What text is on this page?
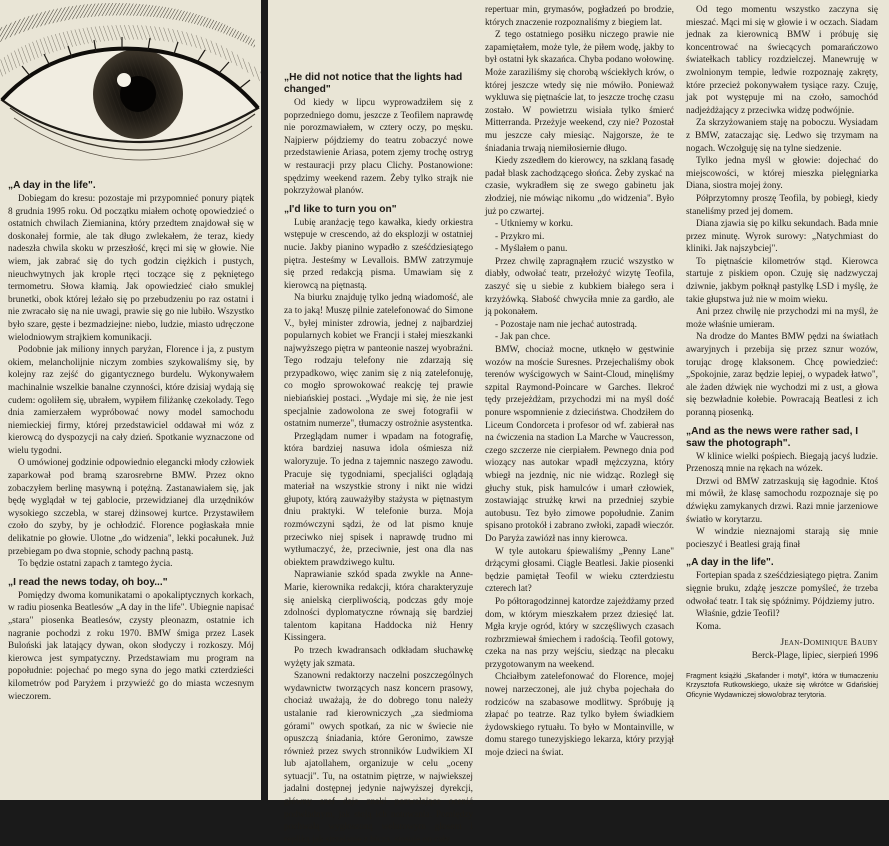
„A day in the life".

Dobiegam do kresu: pozostaje mi przypomnieć ponury piątek 8 grudnia 1995 roku. Od początku miałem ochotę opowiedzieć o ostatnich chwilach Ziemianina, który przedtem znajdował się w doskonałej formie, ale tak długo zwlekałem, że teraz, kiedy nadeszła chwila skoku w przeszłość, kręci mi się w głowie. Nie wiem, jak zabrać się do tych godzin ciężkich i pustych, nieuchwytnych jak krople rtęci toczące się z pękniętego termometru. Słowa kłamią. Jak opowiedzieć ciało smuklej brunetki, obok której leżało się po przebudzeniu po raz ostatni i nie zwracało się na nie uwagi, prawie się go nie lubiło. Wszystko było szare, gęste i bezmadziejne: niebo, ludzie, miasto udręczone wielodniowym strajkiem komunikacji.

Podobnie jak miliony innych paryżan, Florence i ja, z pustym okiem, melancholijnie niczym zombies szykowaliśmy się, by kolejny raz zejść do gigantycznego burdelu. Wykonywałem machinalnie wszelkie banalne czynności, które dzisiaj wydają się cudem: ogoliłem się, ubrałem, wypiłem filiżankę czekolady. Tego dnia zamierzałem wypróbować nowy model samochodu niemieckiej firmy, której przedstawiciel oddawał mi wóz z kierowcą do dyspozycji na cały dzień. Spotkanie wyznaczone od wielu tygodni.

O umówionej godzinie odpowiednio elegancki młody człowiek zaparkował pod bramą szarosrebrne BMW. Przez okno zobaczyłem berlinę masywną i potężną. Zastanawiałem się, jak będę wyglądał w tej gablocie, przewidzianej dla urzędników wysokiego szczebla, w starej dżinsowej kurtce. Przystawiłem czoło do szyby, by je ochłodzić. Florence pogłaskała mnie delikatnie po głowie. Ulotne „do widzenia", lekki pocałunek. Już przebiegam po dwa stopnie, schody pachną pastą.

To będzie ostatni zapach z tamtego życia.

„I read the news today, oh boy..."

Pomiędzy dwoma komunikatami o apokaliptycznych korkach, w radiu piosenka Beatlesów „A day in the life". Ubiegnie napisać „stara" piosenka Beatlesów, czysty pleonazm, ostatnie ich nagranie pochodzi z roku 1970. BMW śmiga przez Lasek Buloński jak latający dywan, okon słodyczy i rozkoszy. Mój kierowca jest sympatyczny. Przedstawiam mu program na popołudnie: pojechać po mego syna do jego matki czterdzieści kilometrów pod Paryżem i przywieźć go do miasta wczesnym wieczorem.

„He did not notice that the lights had changed"

Od kiedy w lipcu wyprowadziłem się z poprzedniego domu, jeszcze z Teofilem naprawdę nie porozmawiałem, w cztery oczy, po męsku. Najpierw pójdziemy do teatru zobaczyć nowe przedstawienie Ariasa, potem zjemy trochę ostryg w restauracji przy placu Clichy. Postanowione: spędzimy weekend razem. Żeby tylko strajk nie pokrzyżował planów.

„I'd like to turn you on"

Lubię aranżację tego kawałka, kiedy orkiestra wstępuje w crescendo, aż do eksplozji w ostatniej nucie. Jakby pianino wypadło z sześćdziesiątego piętra. Jesteśmy w Levallois. BMW zatrzymuje się przed redakcją pisma. Umawiam się z kierowcą na piętnastą.

Na biurku znajduję tylko jedną wiadomość, ale za to jaką! Muszę pilnie zatelefonować do Simone V., byłej minister zdrowia, jednej z najbardziej popularnych kobiet we Francji i stałej mieszkanki najwyższego piętra w panteonie naszej wyobraźni. Tego rodzaju telefony nie zdarzają się przypadkowo, więc zanim się z nią zatelefonuję, co mogło sprowokować reakcję tej prawie niebiańskiej postaci. „Wydaje mi się, że nie jest specjalnie zadowolona ze swej fotografii w ostatnim numerze", tłumaczy ostrożnie asystentka.

Przeglądam numer i wpadam na fotografię, która bardziej nasuwa idola ośmiesza niż waloryzuje. To jedna z tajemnic naszego zawodu. Pracuje się tygodniami, specjaliści oglądają materiał na wszystkie strony i nikt nie widzi głupoty, którą zauważyłby stażysta w piętnastym dniu praktyki. W telefonie burza. Moja rozmówczyni sądzi, że od lat pismo knuje przeciwko niej spisek i naprawdę trudno mi wytłumaczyć, że, przeciwnie, jest ona dla nas obiektem prawdziwego kultu.

Naprawianie szkód spada zwykle na Anne-Marie, kierownika redakcji, która charakteryzuje się anielską cierpliwością, podczas gdy moje zdolności dyplomatyczne równają się bardziej talentom kapitana Haddocka niż Henry Kissingera.

Po trzech kwadransach odkładam słuchawkę wyżęty jak szmata.

Szanowni redaktorzy naczelni poszczególnych wydawnictw tworzących nasz koncern prasowy, chociaż uważają, że do dobrego tonu należy ustalanie rad kierowniczych „za siedmioma górami" owych spotkań, za nic w świecie nie opuszczą śniadania, które Geronimo, zawsze również przez swych stronników Ludwikiem XI lub ajatollahem, organizuje w celu „oceny sytuacji". Tu, na ostatnim piętrze, w najwiekszej jadalni dostępnej jedynie najwyższej dyrekcji, główny szef daje znaki pozwalające ocenić podwładnym, jak stoją ich notowania. Pomiędzy pochwałą wygłoszoną welurowym głosem i repliką jak strzelanie z bicza, stosuje on cały

repertuar min, grymasów, pogładzeń po brodzie, których znaczenie rozpoznaliśmy z biegiem lat.

Z tego ostatniego posiłku niczego prawie nie zapamiętałem, może tyle, że piłem wodę, jakby to był ostatni łyk skazańca. Chyba podano wołowinę. Może zaraziliśmy się chorobą wściekłych krów, o której jeszcze wtedy się nie mówiło. Ponieważ wykluwa się piętnaście lat, to jeszcze trochę czasu zostało. W powietrzu wisiała tylko śmierć Mitterranda. Przeżyje weekend, czy nie? Pozostał mu jeszcze cały miesiąc. Najgorsze, że te śniadania trwają niemiłosiernie długo.

Kiedy zszedłem do kierowcy, na szklaną fasadę padał blask zachodzącego słońca. Żeby zyskać na czasie, wykradłem się ze swego gabinetu jak złodziej, nie mówiąc nikomu „do widzenia". Było już po czwartej.

- Utkniemy w korku.

- Przykro mi.

- Myślałem o panu.

Przez chwilę zapragnąłem rzucić wszystko w diabły, odwołać teatr, przełożyć wizytę Teofila, zaszyć się u siebie z kubkiem białego sera i krzyżówką. Słabość chwyciła mnie za gardło, ale ją pokonałem.

- Pozostaje nam nie jechać autostradą.

- Jak pan chce.

BMW, chociaż mocne, utknęło w gęstwinie wozów na moście Suresnes. Przejechaliśmy obok terenów wyścigowych w Saint-Cloud, minęliśmy szpital Raymond-Poincare w Garches. Ilekroć tędy przejeżdżam, przychodzi mi na myśl dość ponure wspomnienie z dzieciństwa. Chodziłem do Liceum Condorceta i profesor od wf. zabierał nas na ćwiczenia na stadion La Marche w Vaucresson, czego szczerze nie cierpiałem. Pewnego dnia pod wiozący nas autokar wpadł mężczyzna, który wbiegł na jezdnię, nic nie widząc. Rozległ się głuchy stuk, pisk hamulców i umarł człowiek, zostawiając strużkę krwi na przedniej szybie autobusu. Tez było zimowe popołudnie. Zanim spisano protokół i zabrano zwłoki, zapadł wieczór. Do Paryża zawiózł nas inny kierowca.

W tyle autokaru śpiewaliśmy „Penny Lane" drżącymi głosami. Ciągle Beatlesi. Jakie piosenki będzie pamiętał Teofil w wieku czterdziestu czterech lat?

Po półtoragodzinnej katordze zajeżdżamy przed dom, w którym mieszkałem przez dziesięć lat. Mgła kryje ogród, który w szczęśliwych czasach rozbrzmiewał śmiechem i radością. Teofil gotowy, czeka na nas przy wejściu, siedząc na plecaku przygotowanym na weekend.

Chciałbym zatelefonować do Florence, mojej nowej narzeczonej, ale już chyba pojechała do rodziców na szabasowe modlitwy. Spróbuję ją złapać po teatrze. Raz tylko byłem świadkiem żydowskiego rytuału. To było w Montainville, w domu starego tunezyjskiego lekarza, który przyjął moje dzieci na świat.

Od tego momentu wszystko zaczyna się mieszać. Mąci mi się w głowie i w oczach. Siadam jednak za kierownicą BMW i próbuję się koncentrować na świecących pomarańczowo światełkach tablicy rozdzielczej. Manewruję w zwolnionym tempie, ledwie rozpoznaję zakręty, które przecież pokonywałem tysiące razy. Czuję, jak pot występuje mi na czoło, samochód nadjeżdżający z przeciwka widzę podwójnie.

Za skrzyżowaniem staję na poboczu. Wysiadam z BMW, zataczając się. Ledwo się trzymam na nogach. Wczołguję się na tylne siedzenie.

Tylko jedna myśl w głowie: dojechać do miejscowości, w której mieszka pielęgniarka Diana, siostra mojej żony.

Półprzytomny proszę Teofila, by pobiegł, kiedy staneliśmy przed jej domem.

Diana zjawia się po kilku sekundach. Bada mnie przez minutę. Wyrok surowy: „Natychmiast do kliniki. Jak najszybciej".

To piętnaście kilometrów stąd. Kierowca startuje z piskiem opon. Czuję się nadzwyczaj dziwnie, jakbym połknął pastylkę LSD i myślę, że takie głupstwa już nie w moim wieku.

Ani przez chwilę nie przychodzi mi na myśl, że może właśnie umieram.

Na drodze do Mantes BMW pędzi na światłach awaryjnych i przebija się przez sznur wozów, torując drogę klaksonem. Chcę powiedzieć: „Spokojnie, zaraz będzie lepiej, o wypadek łatwo", ale żaden dźwięk nie wychodzi mi z ust, a głowa się bezwładnie kołebie. Powracają Beatlesi z ich poranną piosenką.

„And as the news were rather sad, I saw the photograph".

W klinice wielki pośpiech. Biegają jacyś ludzie. Przenoszą mnie na rękach na wózek.

Drzwi od BMW zatrzaskują się łagodnie. Ktoś mi mówił, że klasę samochodu rozpoznaje się po dźwięku zamykanych drzwi. Razi mnie jarzeniowe światło w korytarzu.

W windzie nieznajomi starają się mnie pocieszyć i Beatlesi grają finał

„A day in the life".

Fortepian spada z sześćdziesiątego piętra. Zanim sięgnie bruku, zdążę jeszcze pomyśleć, że trzeba odwołać teatr. I tak się spóźnimy. Pójdziemy jutro.

Właśnie, gdzie Teofil?

Koma.

Jean-Dominique Bauby

Berck-Plage, lipiec, sierpień 1996

Fragment książki „Skafander i motyl", która w tłumaczeniu Krzysztofa Rutkowskiego, ukaże się wkrótce w Gdańskiej Oficynie Wydawniczej słowo/obraz terytoria.
